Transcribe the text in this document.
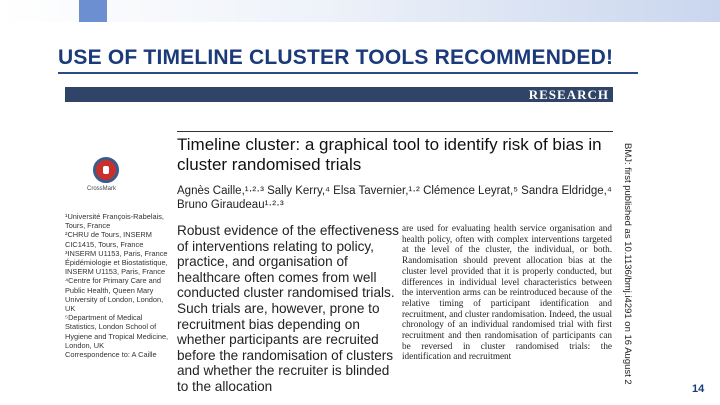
USE OF TIMELINE CLUSTER TOOLS RECOMMENDED!
RESEARCH
Timeline cluster: a graphical tool to identify risk of bias in cluster randomised trials
Agnès Caille,¹·²·³ Sally Kerry,⁴ Elsa Tavernier,¹·² Clémence Leyrat,⁵ Sandra Eldridge,⁴
Bruno Giraudeau¹·²·³
CrossMark
¹Université François-Rabelais,
Tours, France
²CHRU de Tours, INSERM
CIC1415, Tours, France
³INSERM U1153, Paris, France
Épidémiologie et Biostatistique,
INSERM U1153, Paris, France
⁴Centre for Primary Care and
Public Health, Queen Mary
University of London, London,
UK
⁵Department of Medical
Statistics, London School of
Hygiene and Tropical Medicine,
London, UK
Correspondence to: A Caille
Robust evidence of the effectiveness of interventions relating to policy, practice, and organisation of healthcare often comes from well conducted cluster randomised trials. Such trials are, however, prone to recruitment bias depending on whether participants are recruited before the randomisation of clusters and whether the recruiter is blinded to the allocation
are used for evaluating health service organisation and health policy, often with complex interventions targeted at the level of the cluster, the individual, or both. Randomisation should prevent allocation bias at the cluster level provided that it is properly conducted, but differences in individual level characteristics between the intervention arms can be reintroduced because of the relative timing of participant identification and recruitment, and cluster randomisation. Indeed, the usual chronology of an individual randomised trial with first recruitment and then randomisation of participants can be reversed in cluster randomised trials: the identification and recruitment	BMJ: first published as 10.1136/bmj.i4291 on 16 August 2
14
